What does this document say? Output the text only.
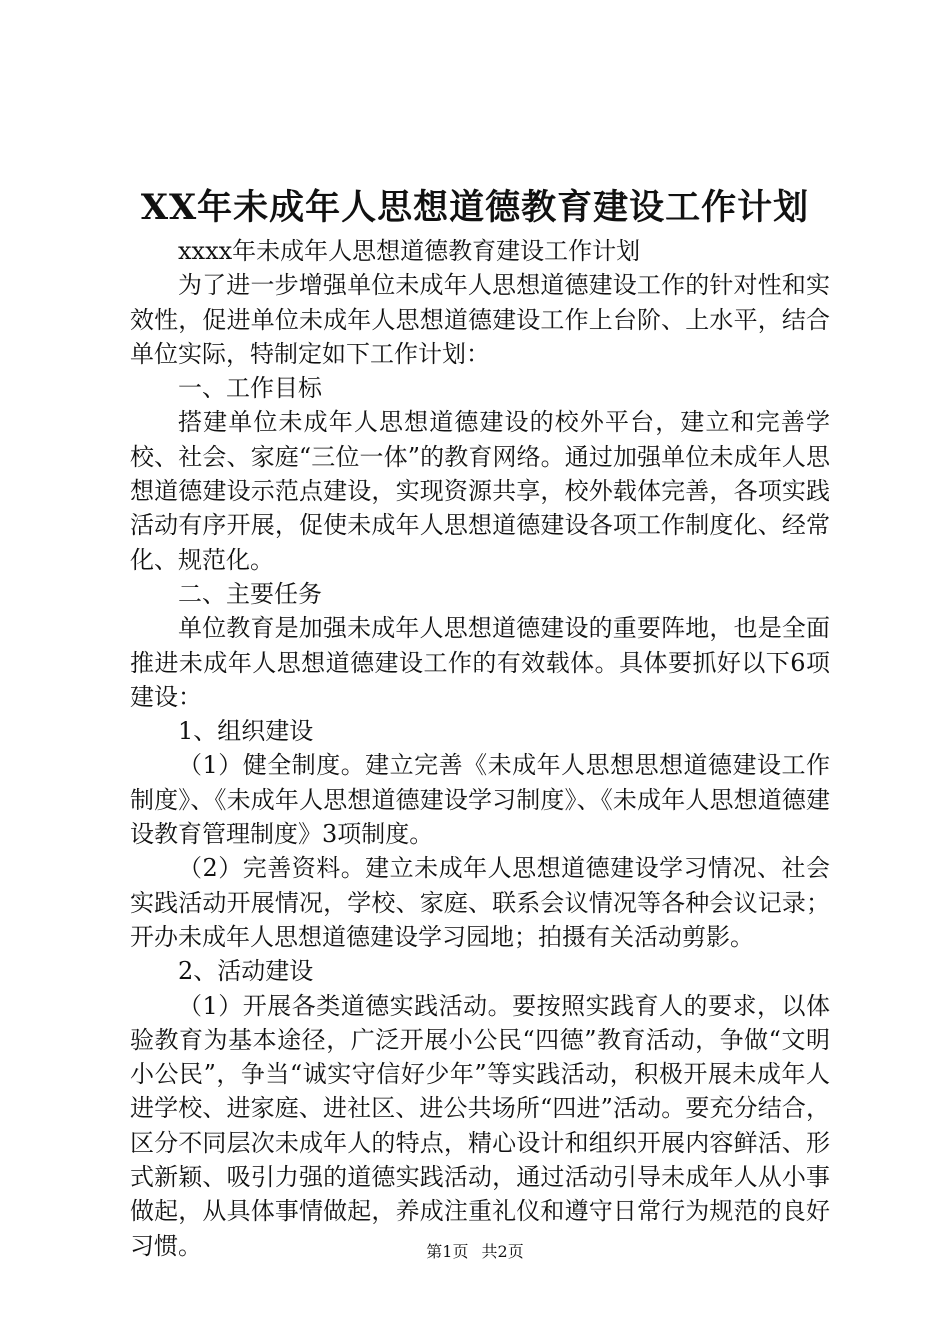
XX年未成年人思想道德教育建设工作计划

xxxx年未成年人思想道德教育建设工作计划

为了进一步增强单位未成年人思想道德建设工作的针对性和实效性，促进单位未成年人思想道德建设工作上台阶、上水平，结合单位实际，特制定如下工作计划：

一、工作目标

搭建单位未成年人思想道德建设的校外平台，建立和完善学校、社会、家庭“三位一体”的教育网络。通过加强单位未成年人思想道德建设示范点建设，实现资源共享，校外载体完善，各项实践活动有序开展，促使未成年人思想道德建设各项工作制度化、经常化、规范化。

二、主要任务

单位教育是加强未成年人思想道德建设的重要阵地，也是全面推进未成年人思想道德建设工作的有效载体。具体要抓好以下6项建设：

1、组织建设

（1）健全制度。建立完善《未成年人思想思想道德建设工作制度》、《未成年人思想道德建设学习制度》、《未成年人思想道德建设教育管理制度》3项制度。

（2）完善资料。建立未成年人思想道德建设学习情况、社会实践活动开展情况，学校、家庭、联系会议情况等各种会议记录；开办未成年人思想道德建设学习园地；拍摄有关活动剪影。

2、活动建设

（1）开展各类道德实践活动。要按照实践育人的要求，以体验教育为基本途径，广泛开展小公民“四德”教育活动，争做“文明小公民”，争当“诚实守信好少年”等实践活动，积极开展未成年人进学校、进家庭、进社区、进公共场所“四进”活动。要充分结合，区分不同层次未成年人的特点，精心设计和组织开展内容鲜活、形式新颖、吸引力强的道德实践活动，通过活动引导未成年人从小事做起，从具体事情做起，养成注重礼仪和遵守日常行为规范的良好习惯。	第1页 共2页
